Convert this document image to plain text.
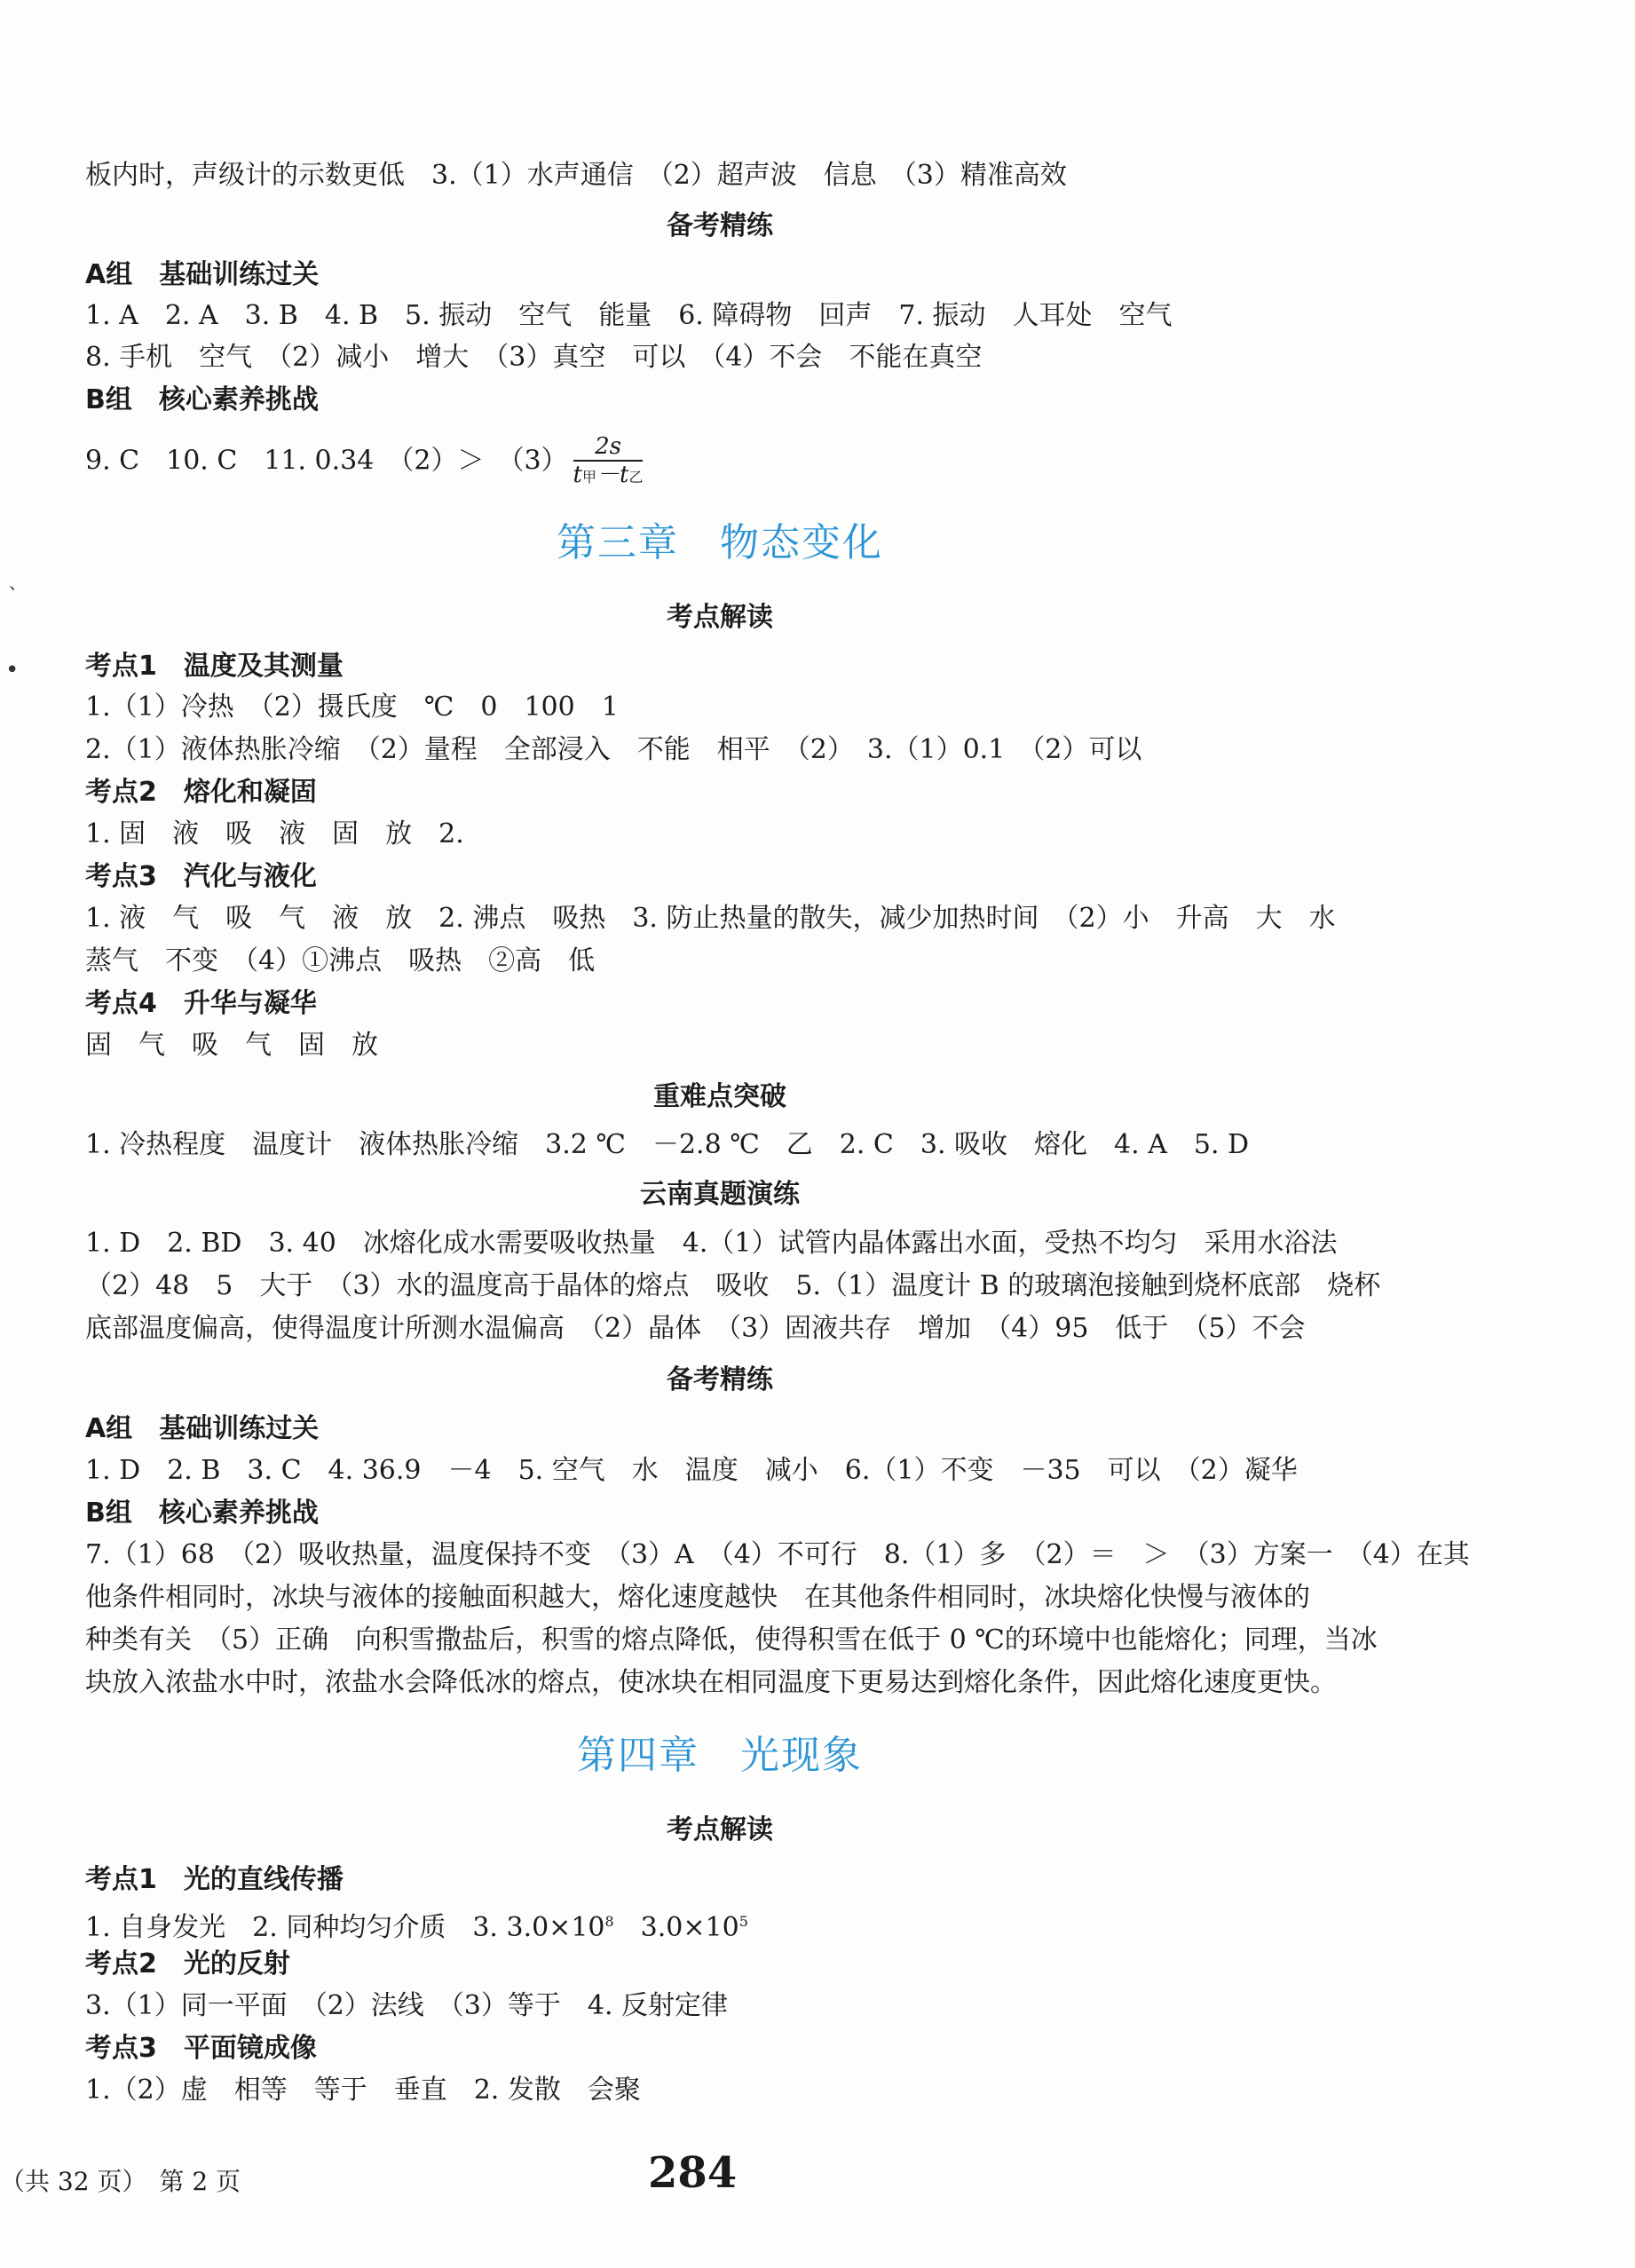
板内时，声级计的示数更低　3.（1）水声通信　（2）超声波　信息　（3）精准高效
备考精练
A组　基础训练过关
1. A　2. A　3. B　4. B　5. 振动　空气　能量　6. 障碍物　回声　7. 振动　人耳处　空气
8. 手机　空气　（2）减小　增大　（3）真空　可以　（4）不会　不能在真空
B组　核心素养挑战
9. C　10. C　11. 0.34　（2）＞　$(3) \frac{2s}{\text{t甲－t乙}}$
第三章　物态变化
、
•
考点解读
考点1　温度及其测量
1.（1）冷热　（2）摄氏度　℃　0　100　1
2.（1）液体热胀冷缩　（2）量程　全部浸入　不能　相平　（2）　3.（1）0.1　（2）可以
考点2　熔化和凝固
1. 固　液　吸　液　固　放　2.
考点3　汽化与液化
1. 液　气　吸　气　液　放　2. 沸点　吸热　3. 防止热量的散失，减少加热时间　（2）小　升高　大　水
蒸气　不变　（4）①沸点　吸热　②高　低
考点4　升华与凝华
固　气　吸　气　固　放
重难点突破
1. 冷热程度　温度计　液体热胀冷缩　3.2 ℃　－2.8 ℃　乙　2. C　3. 吸收　熔化　4. A　5. D
云南真题演练
1. D　2. BD　3. 40　冰熔化成水需要吸收热量　4.（1）试管内晶体露出水面，受热不均匀　采用水浴法
（2）48　5　大于　（3）水的温度高于晶体的熔点　吸收　5.（1）温度计 B 的玻璃泡接触到烧杯底部　烧杯
底部温度偏高，使得温度计所测水温偏高　（2）晶体　（3）固液共存　增加　（4）95　低于　（5）不会
备考精练
A组　基础训练过关
1. D　2. B　3. C　4. 36.9　－4　5. 空气　水　温度　减小　6.（1）不变　－35　可以　（2）凝华
B组　核心素养挑战
7.（1）68　（2）吸收热量，温度保持不变　（3）A　（4）不可行　8.（1）多　（2）＝　＞　（3）方案一　（4）在其
他条件相同时，冰块与液体的接触面积越大，熔化速度越快　在其他条件相同时，冰块熔化快慢与液体的
种类有关　（5）正确　向积雪撒盐后，积雪的熔点降低，使得积雪在低于 0 ℃的环境中也能熔化；同理，当冰
块放入浓盐水中时，浓盐水会降低冰的熔点，使冰块在相同温度下更易达到熔化条件，因此熔化速度更快。
第四章　光现象
考点解读
考点1　光的直线传播
1. 自身发光　2. 同种均匀介质　3. $3.0\times 10^8$　$3.0\times 10^5$
考点2　光的反射
3.（1）同一平面　（2）法线　（3）等于　4. 反射定律
考点3　平面镜成像
1.（2）虚　相等　等于　垂直　2. 发散　会聚
（共 32 页）　第 2 页	284
